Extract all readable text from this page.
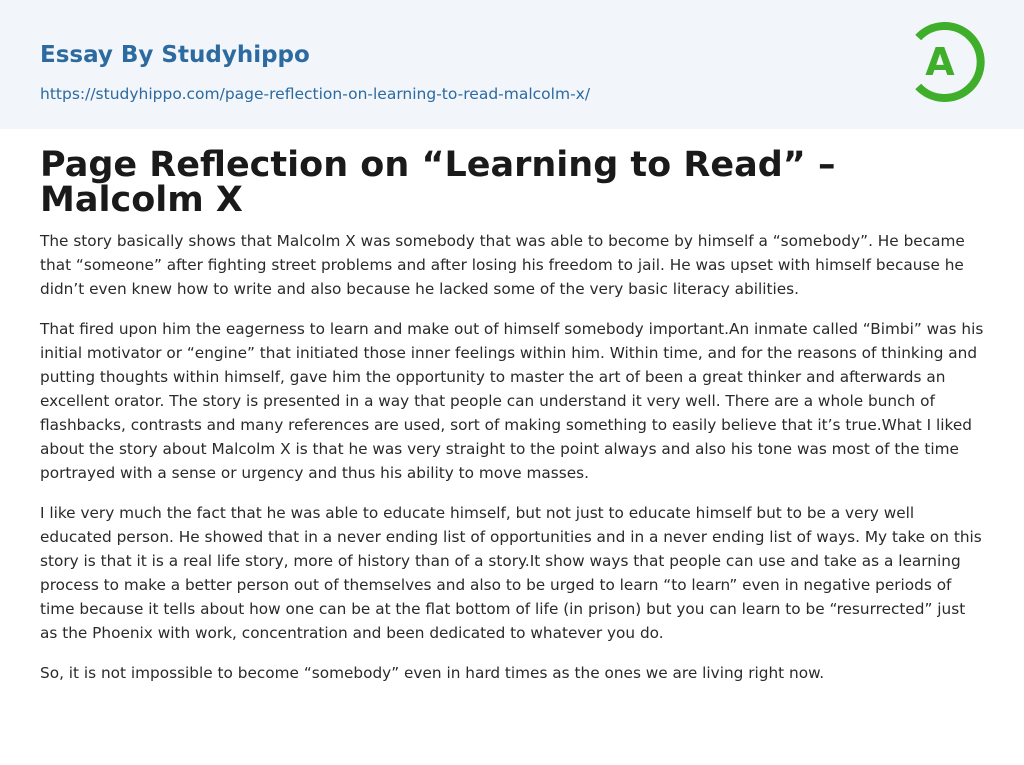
Essay By Studyhippo
https://studyhippo.com/page-reflection-on-learning-to-read-malcolm-x/
A
Page Reflection on “Learning to Read” – Malcolm X

The story basically shows that Malcolm X was somebody that was able to become by himself a “somebody”. He became that “someone” after fighting street problems and after losing his freedom to jail. He was upset with himself because he didn’t even knew how to write and also because he lacked some of the very basic literacy abilities.

That fired upon him the eagerness to learn and make out of himself somebody important.An inmate called “Bimbi” was his initial motivator or “engine” that initiated those inner feelings within him. Within time, and for the reasons of thinking and putting thoughts within himself, gave him the opportunity to master the art of been a great thinker and afterwards an excellent orator. The story is presented in a way that people can understand it very well. There are a whole bunch of flashbacks, contrasts and many references are used, sort of making something to easily believe that it’s true.What I liked about the story about Malcolm X is that he was very straight to the point always and also his tone was most of the time portrayed with a sense or urgency and thus his ability to move masses.

I like very much the fact that he was able to educate himself, but not just to educate himself but to be a very well educated person. He showed that in a never ending list of opportunities and in a never ending list of ways. My take on this story is that it is a real life story, more of history than of a story.It show ways that people can use and take as a learning process to make a better person out of themselves and also to be urged to learn “to learn” even in negative periods of time because it tells about how one can be at the flat bottom of life (in prison) but you can learn to be “resurrected” just as the Phoenix with work, concentration and been dedicated to whatever you do.

So, it is not impossible to become “somebody” even in hard times as the ones we are living right now.
